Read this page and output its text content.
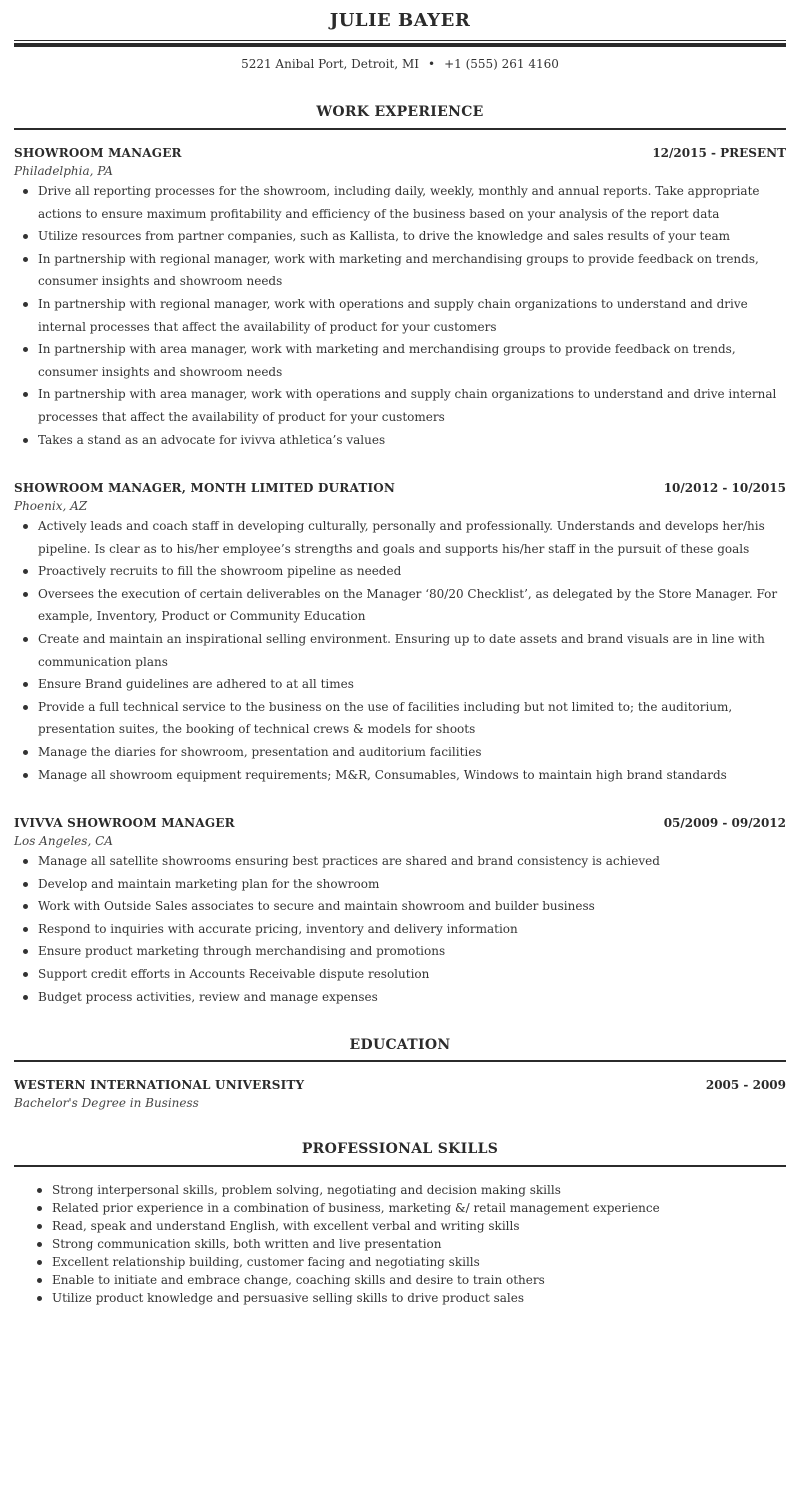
JULIE BAYER
5221 Anibal Port, Detroit, MI • +1 (555) 261 4160
WORK EXPERIENCE
SHOWROOM MANAGER	12/2015 - PRESENT
Philadelphia, PA
Drive all reporting processes for the showroom, including daily, weekly, monthly and annual reports. Take appropriate actions to ensure maximum profitability and efficiency of the business based on your analysis of the report data
Utilize resources from partner companies, such as Kallista, to drive the knowledge and sales results of your team
In partnership with regional manager, work with marketing and merchandising groups to provide feedback on trends, consumer insights and showroom needs
In partnership with regional manager, work with operations and supply chain organizations to understand and drive internal processes that affect the availability of product for your customers
In partnership with area manager, work with marketing and merchandising groups to provide feedback on trends, consumer insights and showroom needs
In partnership with area manager, work with operations and supply chain organizations to understand and drive internal processes that affect the availability of product for your customers
Takes a stand as an advocate for ivivva athletica’s values
SHOWROOM MANAGER, MONTH LIMITED DURATION	10/2012 - 10/2015
Phoenix, AZ
Actively leads and coach staff in developing culturally, personally and professionally. Understands and develops her/his pipeline. Is clear as to his/her employee’s strengths and goals and supports his/her staff in the pursuit of these goals
Proactively recruits to fill the showroom pipeline as needed
Oversees the execution of certain deliverables on the Manager ‘80/20 Checklist’, as delegated by the Store Manager. For example, Inventory, Product or Community Education
Create and maintain an inspirational selling environment. Ensuring up to date assets and brand visuals are in line with communication plans
Ensure Brand guidelines are adhered to at all times
Provide a full technical service to the business on the use of facilities including but not limited to; the auditorium, presentation suites, the booking of technical crews & models for shoots
Manage the diaries for showroom, presentation and auditorium facilities
Manage all showroom equipment requirements; M&R, Consumables, Windows to maintain high brand standards
IVIVVA SHOWROOM MANAGER	05/2009 - 09/2012
Los Angeles, CA
Manage all satellite showrooms ensuring best practices are shared and brand consistency is achieved
Develop and maintain marketing plan for the showroom
Work with Outside Sales associates to secure and maintain showroom and builder business
Respond to inquiries with accurate pricing, inventory and delivery information
Ensure product marketing through merchandising and promotions
Support credit efforts in Accounts Receivable dispute resolution
Budget process activities, review and manage expenses
EDUCATION
WESTERN INTERNATIONAL UNIVERSITY	2005 - 2009
Bachelor's Degree in Business
PROFESSIONAL SKILLS
Strong interpersonal skills, problem solving, negotiating and decision making skills
Related prior experience in a combination of business, marketing &/ retail management experience
Read, speak and understand English, with excellent verbal and writing skills
Strong communication skills, both written and live presentation
Excellent relationship building, customer facing and negotiating skills
Enable to initiate and embrace change, coaching skills and desire to train others
Utilize product knowledge and persuasive selling skills to drive product sales
